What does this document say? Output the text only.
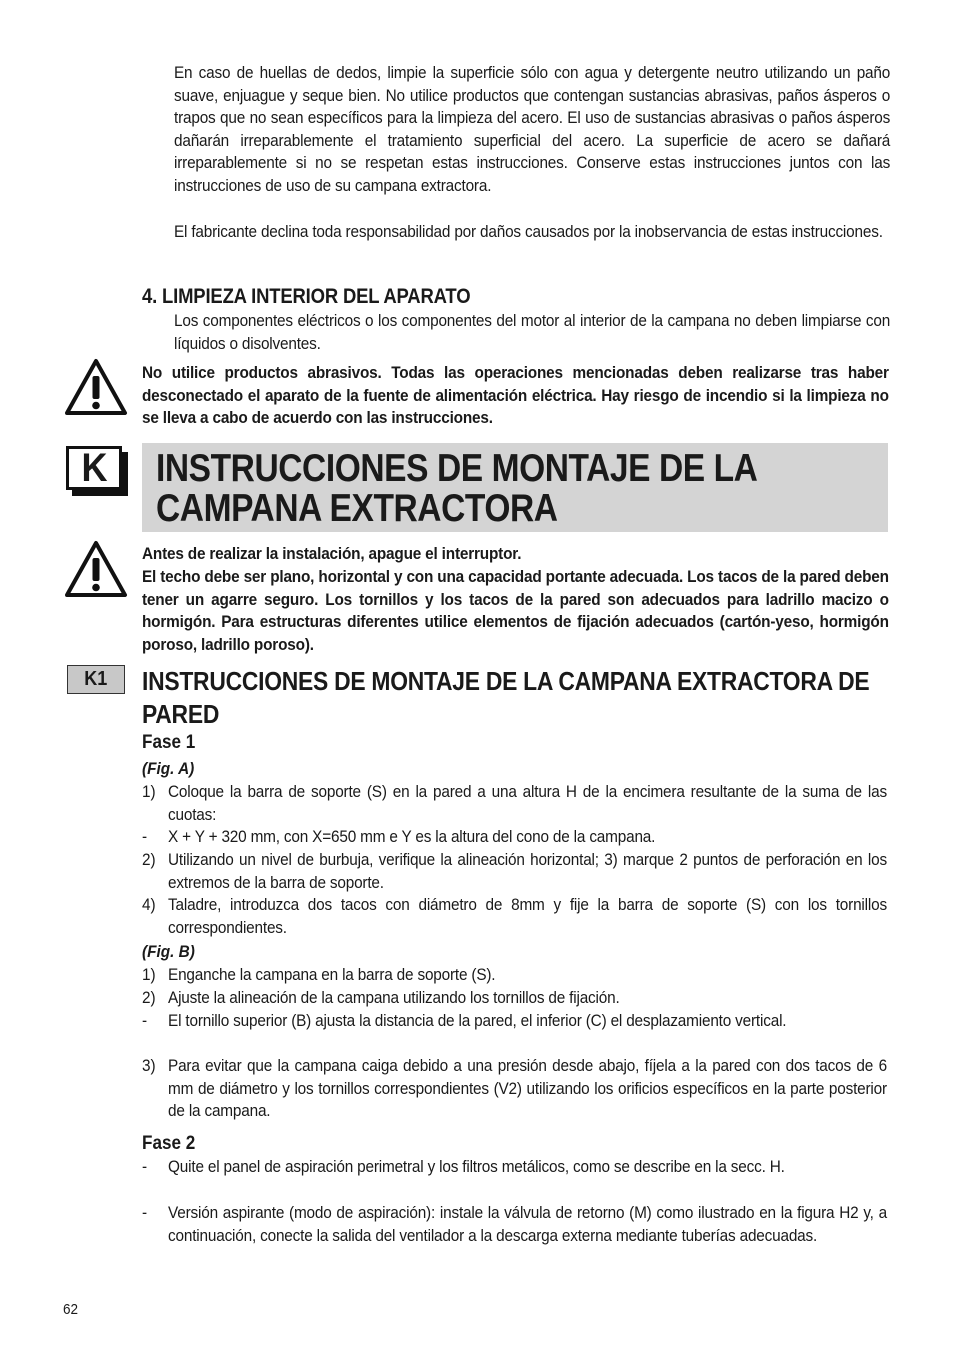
En caso de huellas de dedos, limpie la superficie sólo con agua y detergente neutro utilizando un paño suave, enjuague y seque bien. No utilice productos que contengan sustancias abrasivas, paños ásperos o trapos que no sean específicos para la limpieza del acero. El uso de sustancias abrasivas o paños ásperos dañarán irreparablemente el tratamiento superficial del acero. La superficie de acero se dañará irreparablemente si no se respetan estas instrucciones. Conserve estas instrucciones juntos con las instrucciones de uso de su campana extractora.
El fabricante declina toda responsabilidad por daños causados por la inobservancia de estas instrucciones.
4. LIMPIEZA INTERIOR DEL APARATO
Los componentes eléctricos o los componentes del motor al interior de la campana no deben limpiarse con líquidos o disolventes.
No utilice productos abrasivos. Todas las operaciones mencionadas deben realizarse tras haber desconectado el aparato de la fuente de alimentación eléctrica. Hay riesgo de incendio si la limpieza no se lleva a cabo de acuerdo con las instrucciones.
K INSTRUCCIONES DE MONTAJE DE LA
CAMPANA EXTRACTORA
Antes de realizar la instalación, apague el interruptor.
El techo debe ser plano, horizontal y con una capacidad portante adecuada. Los tacos de la pared deben tener un agarre seguro. Los tornillos y los tacos de la pared son adecuados para ladrillo macizo o hormigón. Para estructuras diferentes utilice elementos de fijación adecuados (cartón-yeso, hormigón poroso, ladrillo poroso).
K1 INSTRUCCIONES DE MONTAJE DE LA CAMPANA EXTRACTORA DE PARED
Fase 1
(Fig. A)
1) Coloque la barra de soporte (S) en la pared a una altura H de la encimera resultante de la suma de las cuotas:
- X + Y + 320 mm, con X=650 mm e Y es la altura del cono de la campana.
2) Utilizando un nivel de burbuja, verifique la alineación horizontal; 3) marque 2 puntos de perforación en los extremos de la barra de soporte.
4) Taladre, introduzca dos tacos con diámetro de 8mm y fije la barra de soporte (S) con los tornillos correspondientes.
(Fig. B)
1) Enganche la campana en la barra de soporte (S).
2) Ajuste la alineación de la campana utilizando los tornillos de fijación.
- El tornillo superior (B) ajusta la distancia de la pared, el inferior (C) el desplazamiento vertical.
3) Para evitar que la campana caiga debido a una presión desde abajo, fíjela a la pared con dos tacos de 6 mm de diámetro y los tornillos correspondientes (V2) utilizando los orificios específicos en la parte posterior de la campana.
Fase 2
- Quite el panel de aspiración perimetral y los filtros metálicos, como se describe en la secc. H.
- Versión aspirante (modo de aspiración): instale la válvula de retorno (M) como ilustrado en la figura H2 y, a continuación, conecte la salida del ventilador a la descarga externa mediante tuberías adecuadas.
62
